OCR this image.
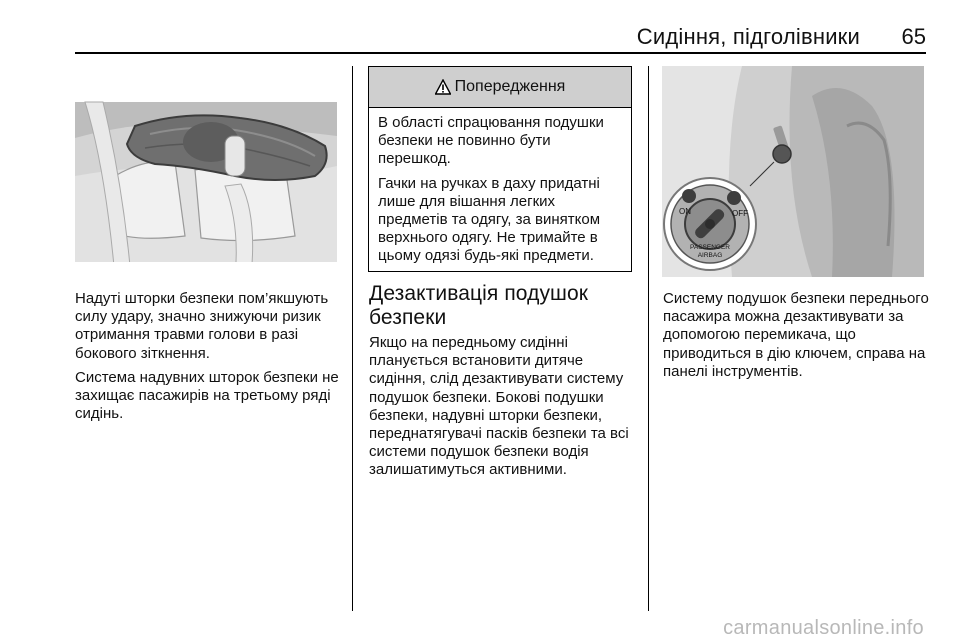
Сидіння, підголівники	65

Надуті шторки безпеки пом’якшують силу удару, значно знижуючи ризик отримання травми голови в разі бокового зіткнення.

Система надувних шторок безпеки не захищає пасажирів на третьому ряді сидінь.

Попередження

В області спрацювання подушки безпеки не повинно бути перешкод.

Гачки на ручках в даху придатні лише для вішання легких предметів та одягу, за винятком верхнього одягу. Не тримайте в цьому одязі будь-які предмети.

Дезактивація подушок безпеки

Якщо на передньому сидінні планується встановити дитяче сидіння, слід дезактивувати систему подушок безпеки. Бокові подушки безпеки, надувні шторки безпеки, переднатягувачі пасків безпеки та всі системи подушок безпеки водія залишатимуться активними.

ON	OFF
PASSENGER
AIRBAG

Систему подушок безпеки переднього пасажира можна дезактивувати за допомогою перемикача, що приводиться в дію ключем, справа на панелі інструментів.

carmanualsonline.info
